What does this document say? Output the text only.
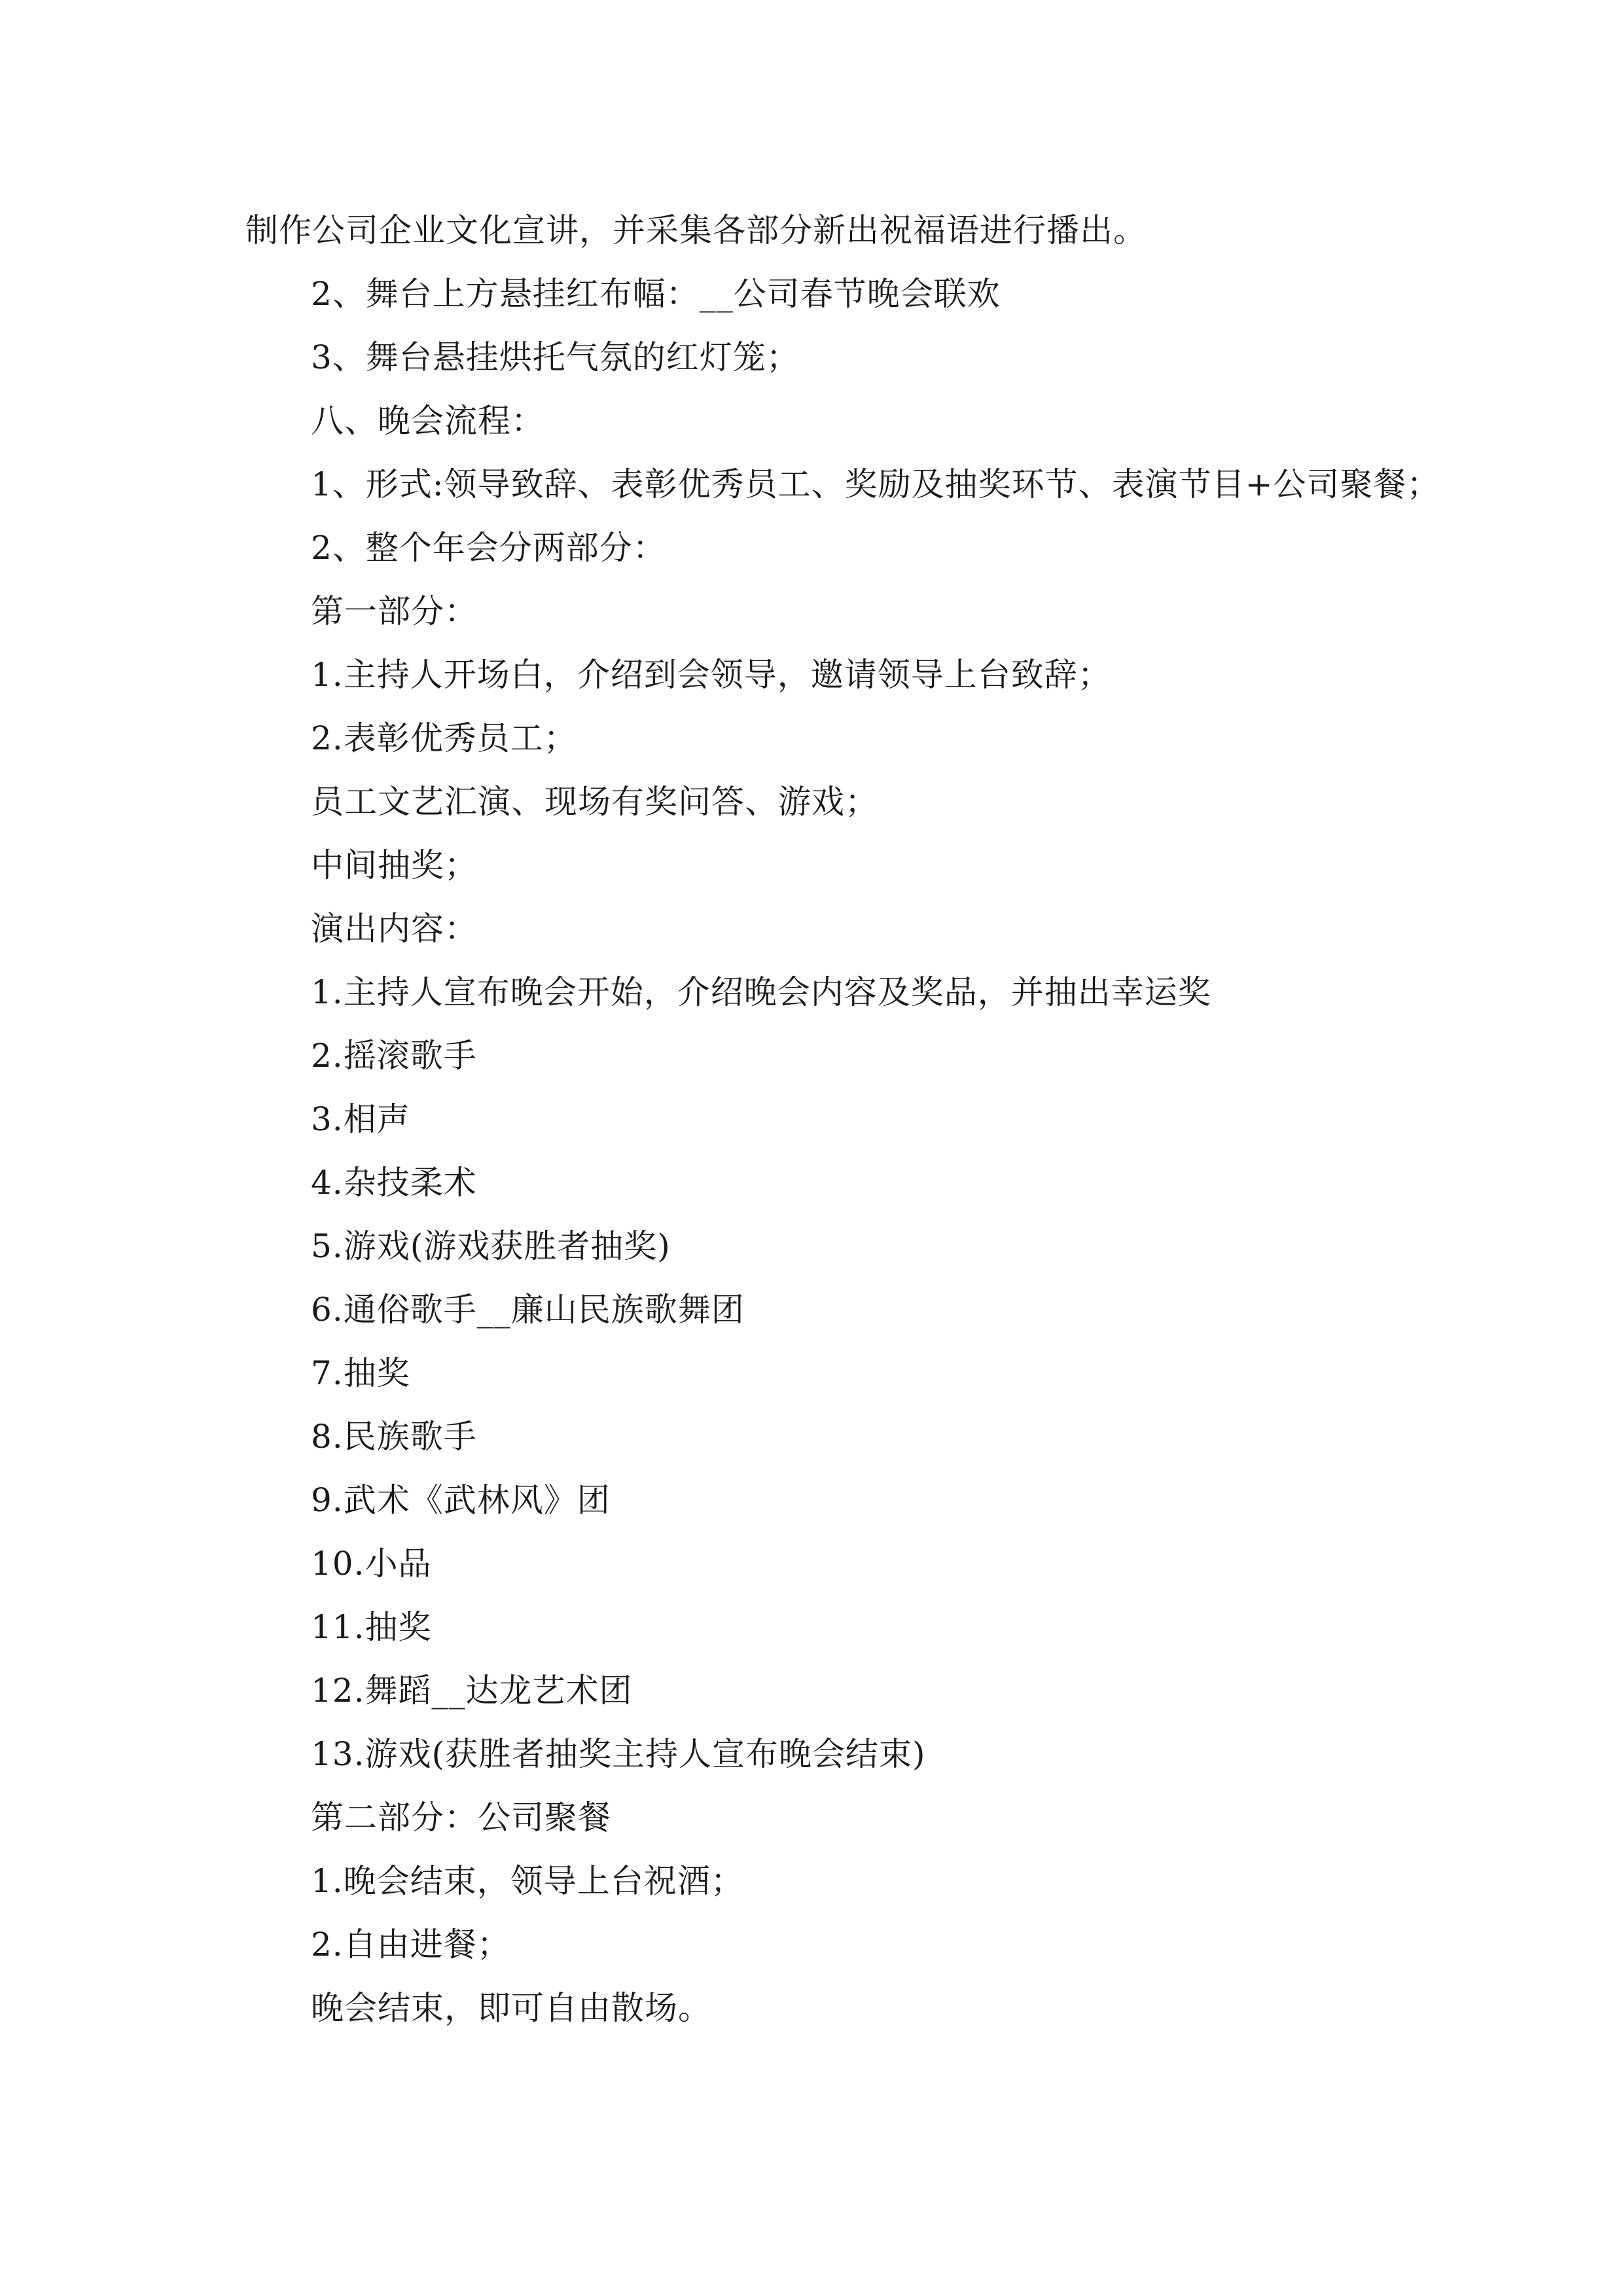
制作公司企业文化宣讲，并采集各部分新出祝福语进行播出。
2、舞台上方悬挂红布幅：__公司春节晚会联欢
3、舞台悬挂烘托气氛的红灯笼；
八、晚会流程：
1、形式:领导致辞、表彰优秀员工、奖励及抽奖环节、表演节目+公司聚餐；
2、整个年会分两部分：
第一部分：
1.主持人开场白，介绍到会领导，邀请领导上台致辞；
2.表彰优秀员工；
员工文艺汇演、现场有奖问答、游戏；
中间抽奖；
演出内容：
1.主持人宣布晚会开始，介绍晚会内容及奖品，并抽出幸运奖
2.摇滚歌手
3.相声
4.杂技柔术
5.游戏(游戏获胜者抽奖)
6.通俗歌手__廉山民族歌舞团
7.抽奖
8.民族歌手
9.武术《武林风》团
10.小品
11.抽奖
12.舞蹈__达龙艺术团
13.游戏(获胜者抽奖主持人宣布晚会结束)
第二部分：公司聚餐
1.晚会结束，领导上台祝酒；
2.自由进餐；
晚会结束，即可自由散场。
